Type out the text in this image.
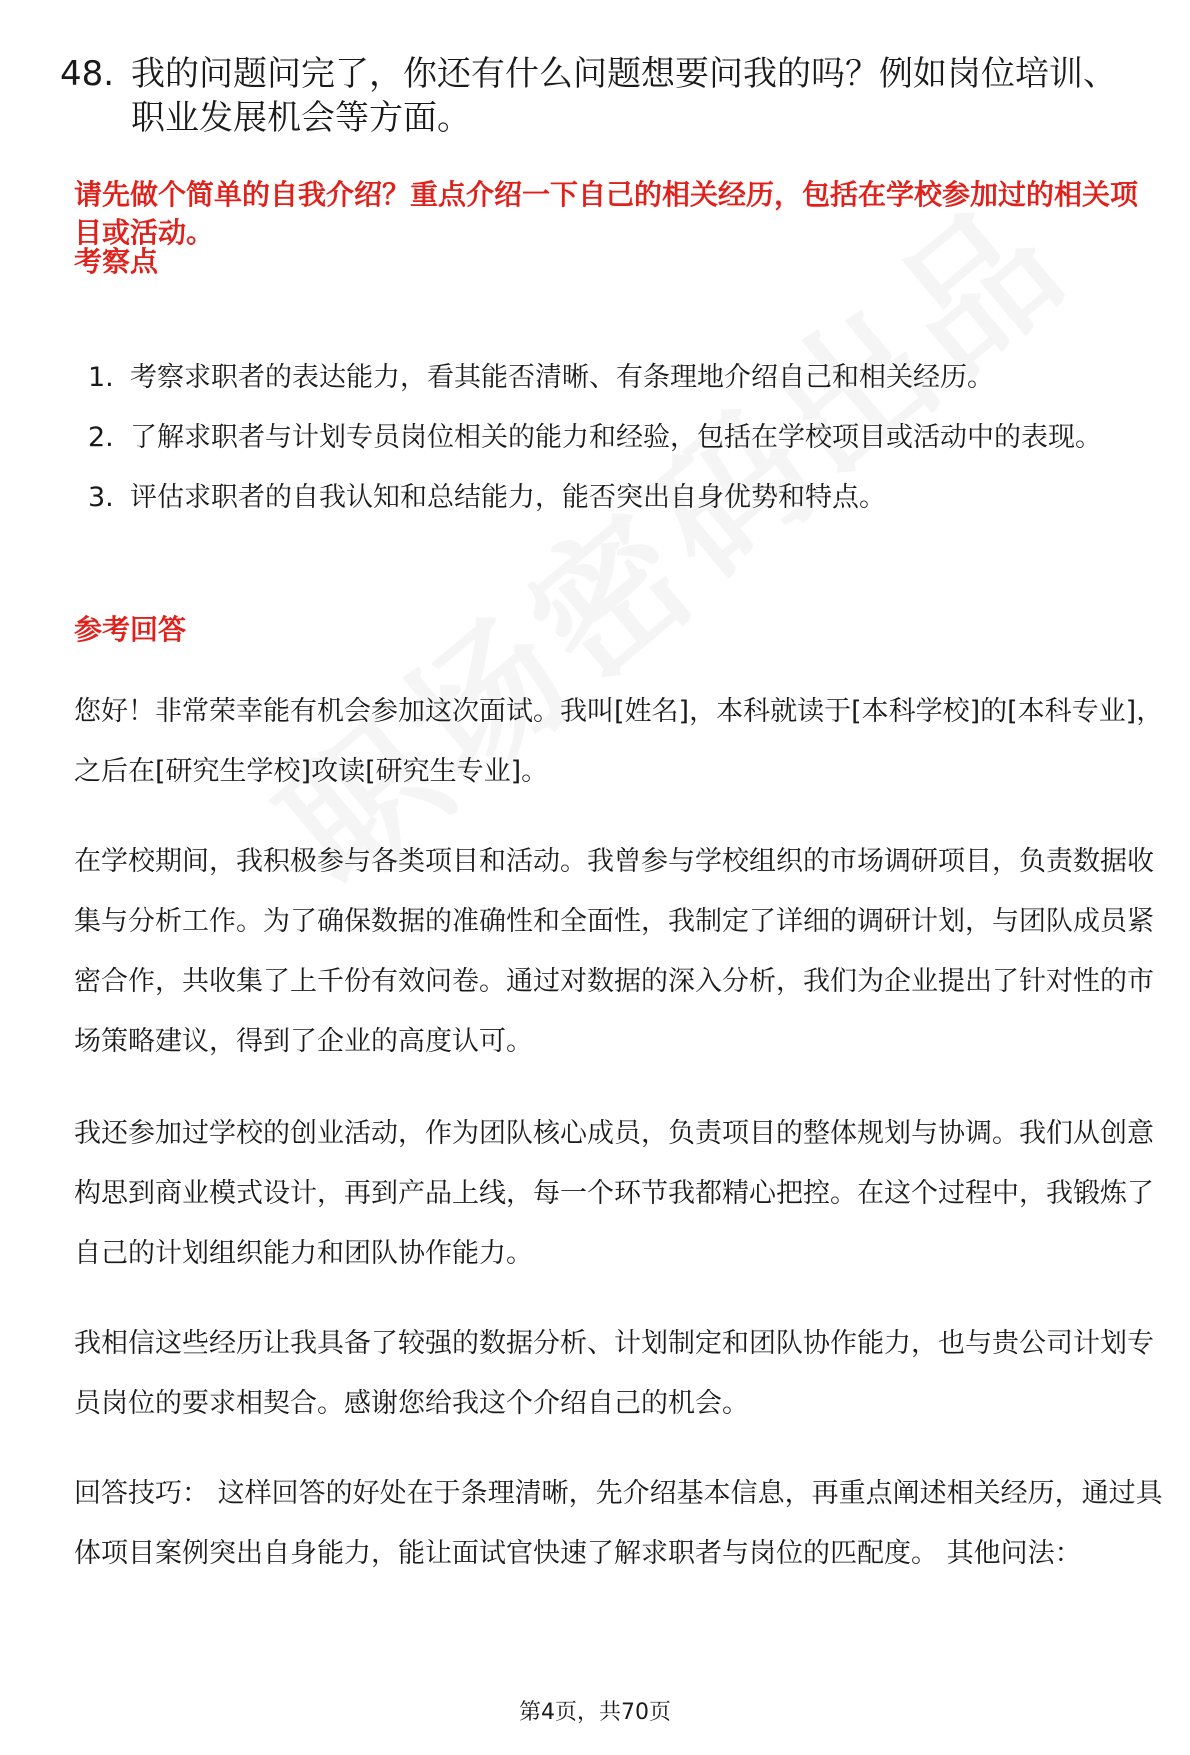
48. 我的问题问完了，你还有什么问题想要问我的吗？例如岗位培训、职业发展机会等方面。
请先做个简单的自我介绍？重点介绍一下自己的相关经历，包括在学校参加过的相关项目或活动。
考察点
1. 考察求职者的表达能力，看其能否清晰、有条理地介绍自己和相关经历。
2. 了解求职者与计划专员岗位相关的能力和经验，包括在学校项目或活动中的表现。
3. 评估求职者的自我认知和总结能力，能否突出自身优势和特点。
参考回答

您好！非常荣幸能有机会参加这次面试。我叫[姓名]，本科就读于[本科学校]的[本科专业]，之后在[研究生学校]攻读[研究生专业]。

在学校期间，我积极参与各类项目和活动。我曾参与学校组织的市场调研项目，负责数据收集与分析工作。为了确保数据的准确性和全面性，我制定了详细的调研计划，与团队成员紧密合作，共收集了上千份有效问卷。通过对数据的深入分析，我们为企业提出了针对性的市场策略建议，得到了企业的高度认可。

我还参加过学校的创业活动，作为团队核心成员，负责项目的整体规划与协调。我们从创意构思到商业模式设计，再到产品上线，每一个环节我都精心把控。在这个过程中，我锻炼了自己的计划组织能力和团队协作能力。

我相信这些经历让我具备了较强的数据分析、计划制定和团队协作能力，也与贵公司计划专员岗位的要求相契合。感谢您给我这个介绍自己的机会。

回答技巧： 这样回答的好处在于条理清晰，先介绍基本信息，再重点阐述相关经历，通过具体项目案例突出自身能力，能让面试官快速了解求职者与岗位的匹配度。 其他问法：

第4页，共70页
